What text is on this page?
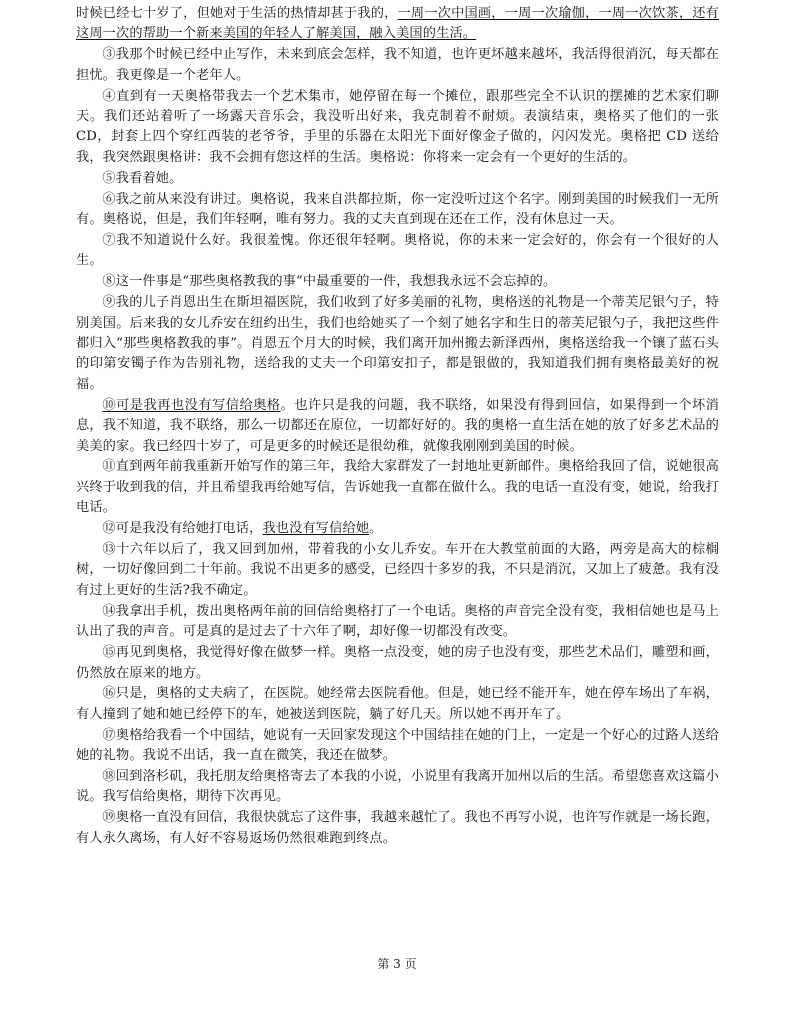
时候已经七十岁了，但她对于生活的热情却甚于我的，一周一次中国画，一周一次瑜伽，一周一次饮茶，还有这周一次的帮助一个新来美国的年轻人了解美国，融入美国的生活。

③我那个时候已经中止写作，未来到底会怎样，我不知道，也许更坏越来越坏，我活得很消沉，每天都在担忧。我更像是一个老年人。

④直到有一天奥格带我去一个艺术集市，她停留在每一个摊位，跟那些完全不认识的摆摊的艺术家们聊天。我们还站着听了一场露天音乐会，我没听出好来，我克制着不耐烦。表演结束，奥格买了他们的一张 CD，封套上四个穿红西装的老爷爷，手里的乐器在太阳光下面好像金子做的，闪闪发光。奥格把 CD 送给我，我突然跟奥格讲：我不会拥有您这样的生活。奥格说：你将来一定会有一个更好的生活的。

⑤我看着她。

⑥我之前从来没有讲过。奥格说，我来自洪都拉斯，你一定没听过这个名字。刚到美国的时候我们一无所有。奥格说，但是，我们年轻啊，唯有努力。我的丈夫直到现在还在工作，没有休息过一天。

⑦我不知道说什么好。我很羞愧。你还很年轻啊。奥格说，你的未来一定会好的，你会有一个很好的人生。

⑧这一件事是“那些奥格教我的事”中最重要的一件，我想我永远不会忘掉的。

⑨我的儿子肖恩出生在斯坦福医院，我们收到了好多美丽的礼物，奥格送的礼物是一个蒂芙尼银勺子，特别美国。后来我的女儿乔安在纽约出生，我们也给她买了一个刻了她名字和生日的蒂芙尼银勺子，我把这些件都归入“那些奥格教我的事”。肖恩五个月大的时候，我们离开加州搬去新泽西州，奥格送给我一个镶了蓝石头的印第安镯子作为告别礼物，送给我的丈夫一个印第安扣子，都是银做的，我知道我们拥有奥格最美好的祝福。

⑩可是我再也没有写信给奥格。也许只是我的问题，我不联络，如果没有得到回信，如果得到一个坏消息，我不知道，我不联络，那么一切都还在原位，一切都好好的。我的奥格一直生活在她的放了好多艺术品的美美的家。我已经四十岁了，可是更多的时候还是很幼稚，就像我刚刚到美国的时候。

⑪直到两年前我重新开始写作的第三年，我给大家群发了一封地址更新邮件。奥格给我回了信，说她很高兴终于收到我的信，并且希望我再给她写信，告诉她我一直都在做什么。我的电话一直没有变，她说，给我打电话。

⑫可是我没有给她打电话，我也没有写信给她。

⑬十六年以后了，我又回到加州，带着我的小女儿乔安。车开在大教堂前面的大路，两旁是高大的棕榈树，一切好像回到二十年前。我说不出更多的感受，已经四十多岁的我，不只是消沉，又加上了疲惫。我有没有过上更好的生活?我不确定。

⑭我拿出手机，拨出奥格两年前的回信给奥格打了一个电话。奥格的声音完全没有变，我相信她也是马上认出了我的声音。可是真的是过去了十六年了啊，却好像一切都没有改变。

⑮再见到奥格，我觉得好像在做梦一样。奥格一点没变，她的房子也没有变，那些艺术品们，雕塑和画，仍然放在原来的地方。

⑯只是，奥格的丈夫病了，在医院。她经常去医院看他。但是，她已经不能开车，她在停车场出了车祸，有人撞到了她和她已经停下的车，她被送到医院，躺了好几天。所以她不再开车了。

⑰奥格给我看一个中国结，她说有一天回家发现这个中国结挂在她的门上，一定是一个好心的过路人送给她的礼物。我说不出话，我一直在微笑，我还在做梦。

⑱回到洛杉矶，我托朋友给奥格寄去了本我的小说，小说里有我离开加州以后的生活。希望您喜欢这篇小说。我写信给奥格，期待下次再见。

⑲奥格一直没有回信，我很快就忘了这件事，我越来越忙了。我也不再写小说，也许写作就是一场长跑，有人永久离场，有人好不容易返场仍然很难跑到终点。

第 3 页
